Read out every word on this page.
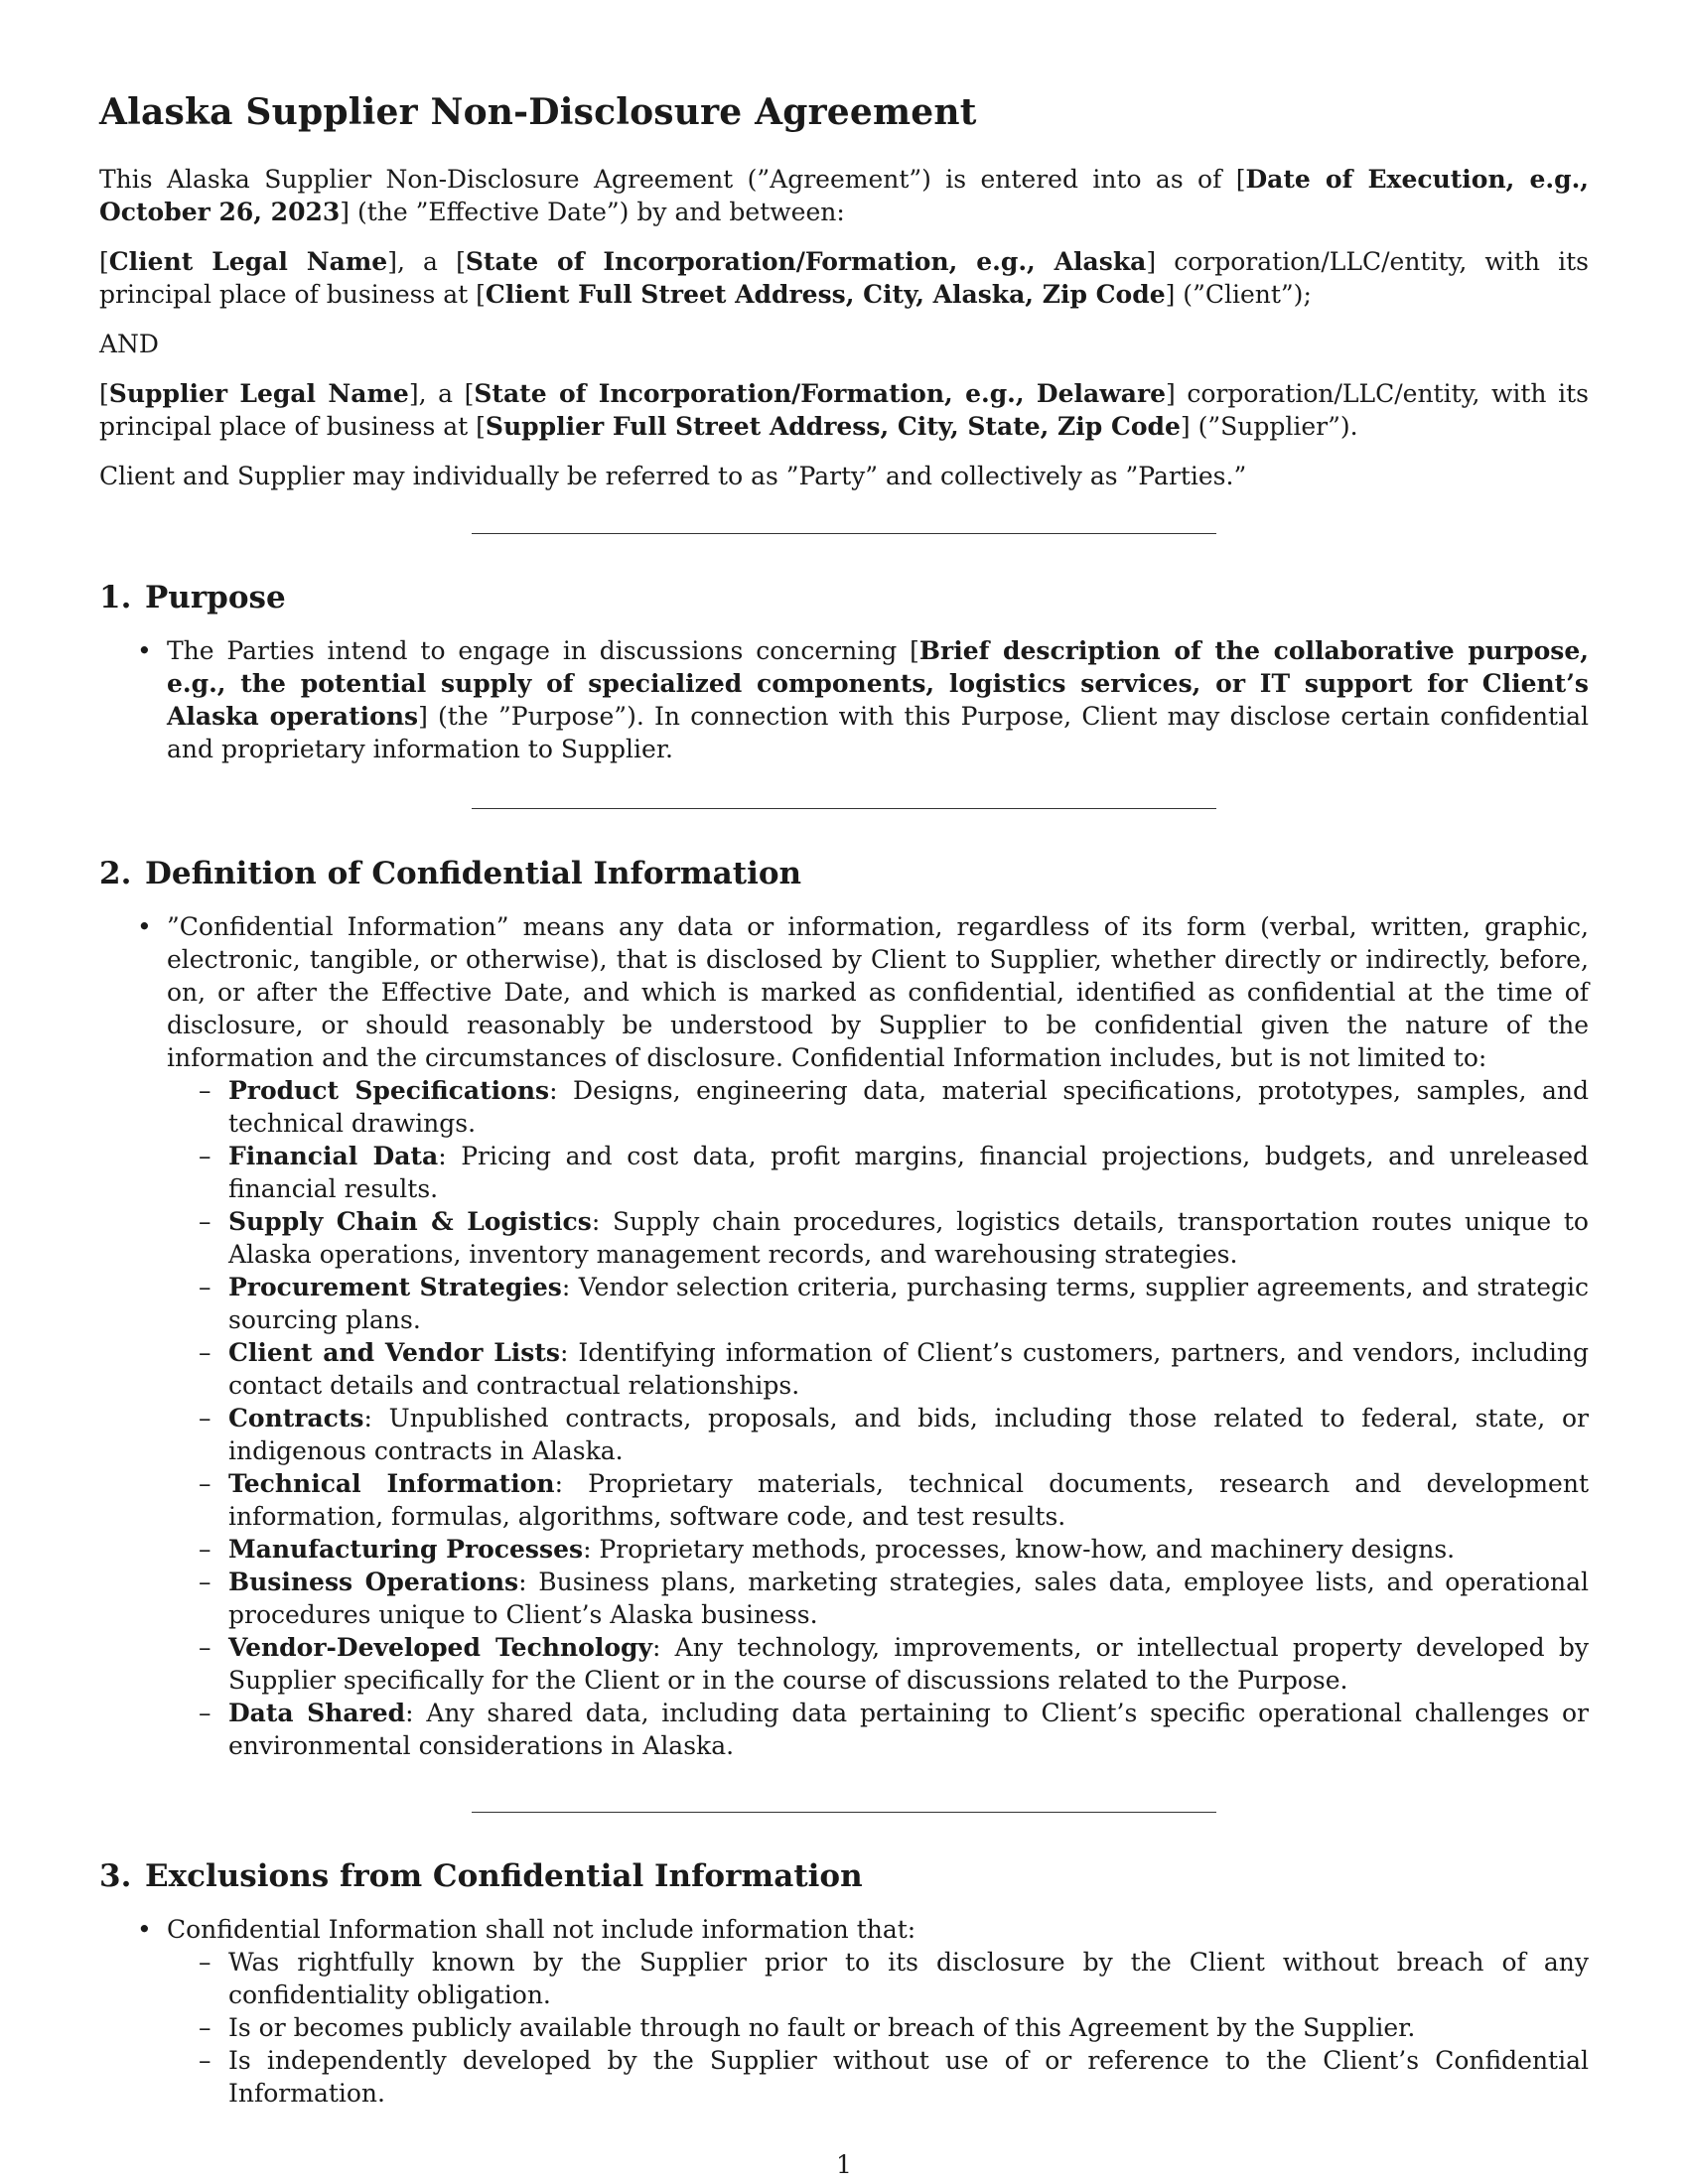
Alaska Supplier Non-Disclosure Agreement

This Alaska Supplier Non-Disclosure Agreement (”Agreement”) is entered into as of [Date of Execution, e.g., October 26, 2023] (the ”Effective Date”) by and between:

[Client Legal Name], a [State of Incorporation/Formation, e.g., Alaska] corporation/LLC/entity, with its principal place of business at [Client Full Street Address, City, Alaska, Zip Code] (”Client”);

AND

[Supplier Legal Name], a [State of Incorporation/Formation, e.g., Delaware] corporation/LLC/entity, with its principal place of business at [Supplier Full Street Address, City, State, Zip Code] (”Supplier”).

Client and Supplier may individually be referred to as ”Party” and collectively as ”Parties.”

1. Purpose
• The Parties intend to engage in discussions concerning [Brief description of the collaborative purpose, e.g., the potential supply of specialized components, logistics services, or IT support for Client’s Alaska operations] (the ”Purpose”). In connection with this Purpose, Client may disclose certain confidential and proprietary information to Supplier.
2. Definition of Confidential Information
• ”Confidential Information” means any data or information, regardless of its form (verbal, written, graphic, electronic, tangible, or otherwise), that is disclosed by Client to Supplier, whether directly or indirectly, before, on, or after the Effective Date, and which is marked as confidential, identified as confidential at the time of disclosure, or should reasonably be understood by Supplier to be confidential given the nature of the information and the circumstances of disclosure. Confidential Information includes, but is not limited to:
– Product Specifications: Designs, engineering data, material specifications, prototypes, samples, and technical drawings.
– Financial Data: Pricing and cost data, profit margins, financial projections, budgets, and unreleased financial results.
– Supply Chain & Logistics: Supply chain procedures, logistics details, transportation routes unique to Alaska operations, inventory management records, and warehousing strategies.
– Procurement Strategies: Vendor selection criteria, purchasing terms, supplier agreements, and strategic sourcing plans.
– Client and Vendor Lists: Identifying information of Client’s customers, partners, and vendors, including contact details and contractual relationships.
– Contracts: Unpublished contracts, proposals, and bids, including those related to federal, state, or indigenous contracts in Alaska.
– Technical Information: Proprietary materials, technical documents, research and development information, formulas, algorithms, software code, and test results.
– Manufacturing Processes: Proprietary methods, processes, know-how, and machinery designs.
– Business Operations: Business plans, marketing strategies, sales data, employee lists, and operational procedures unique to Client’s Alaska business.
– Vendor-Developed Technology: Any technology, improvements, or intellectual property developed by Supplier specifically for the Client or in the course of discussions related to the Purpose.
– Data Shared: Any shared data, including data pertaining to Client’s specific operational challenges or environmental considerations in Alaska.
3. Exclusions from Confidential Information
• Confidential Information shall not include information that:
– Was rightfully known by the Supplier prior to its disclosure by the Client without breach of any confidentiality obligation.
– Is or becomes publicly available through no fault or breach of this Agreement by the Supplier.
– Is independently developed by the Supplier without use of or reference to the Client’s Confidential Information.
1
